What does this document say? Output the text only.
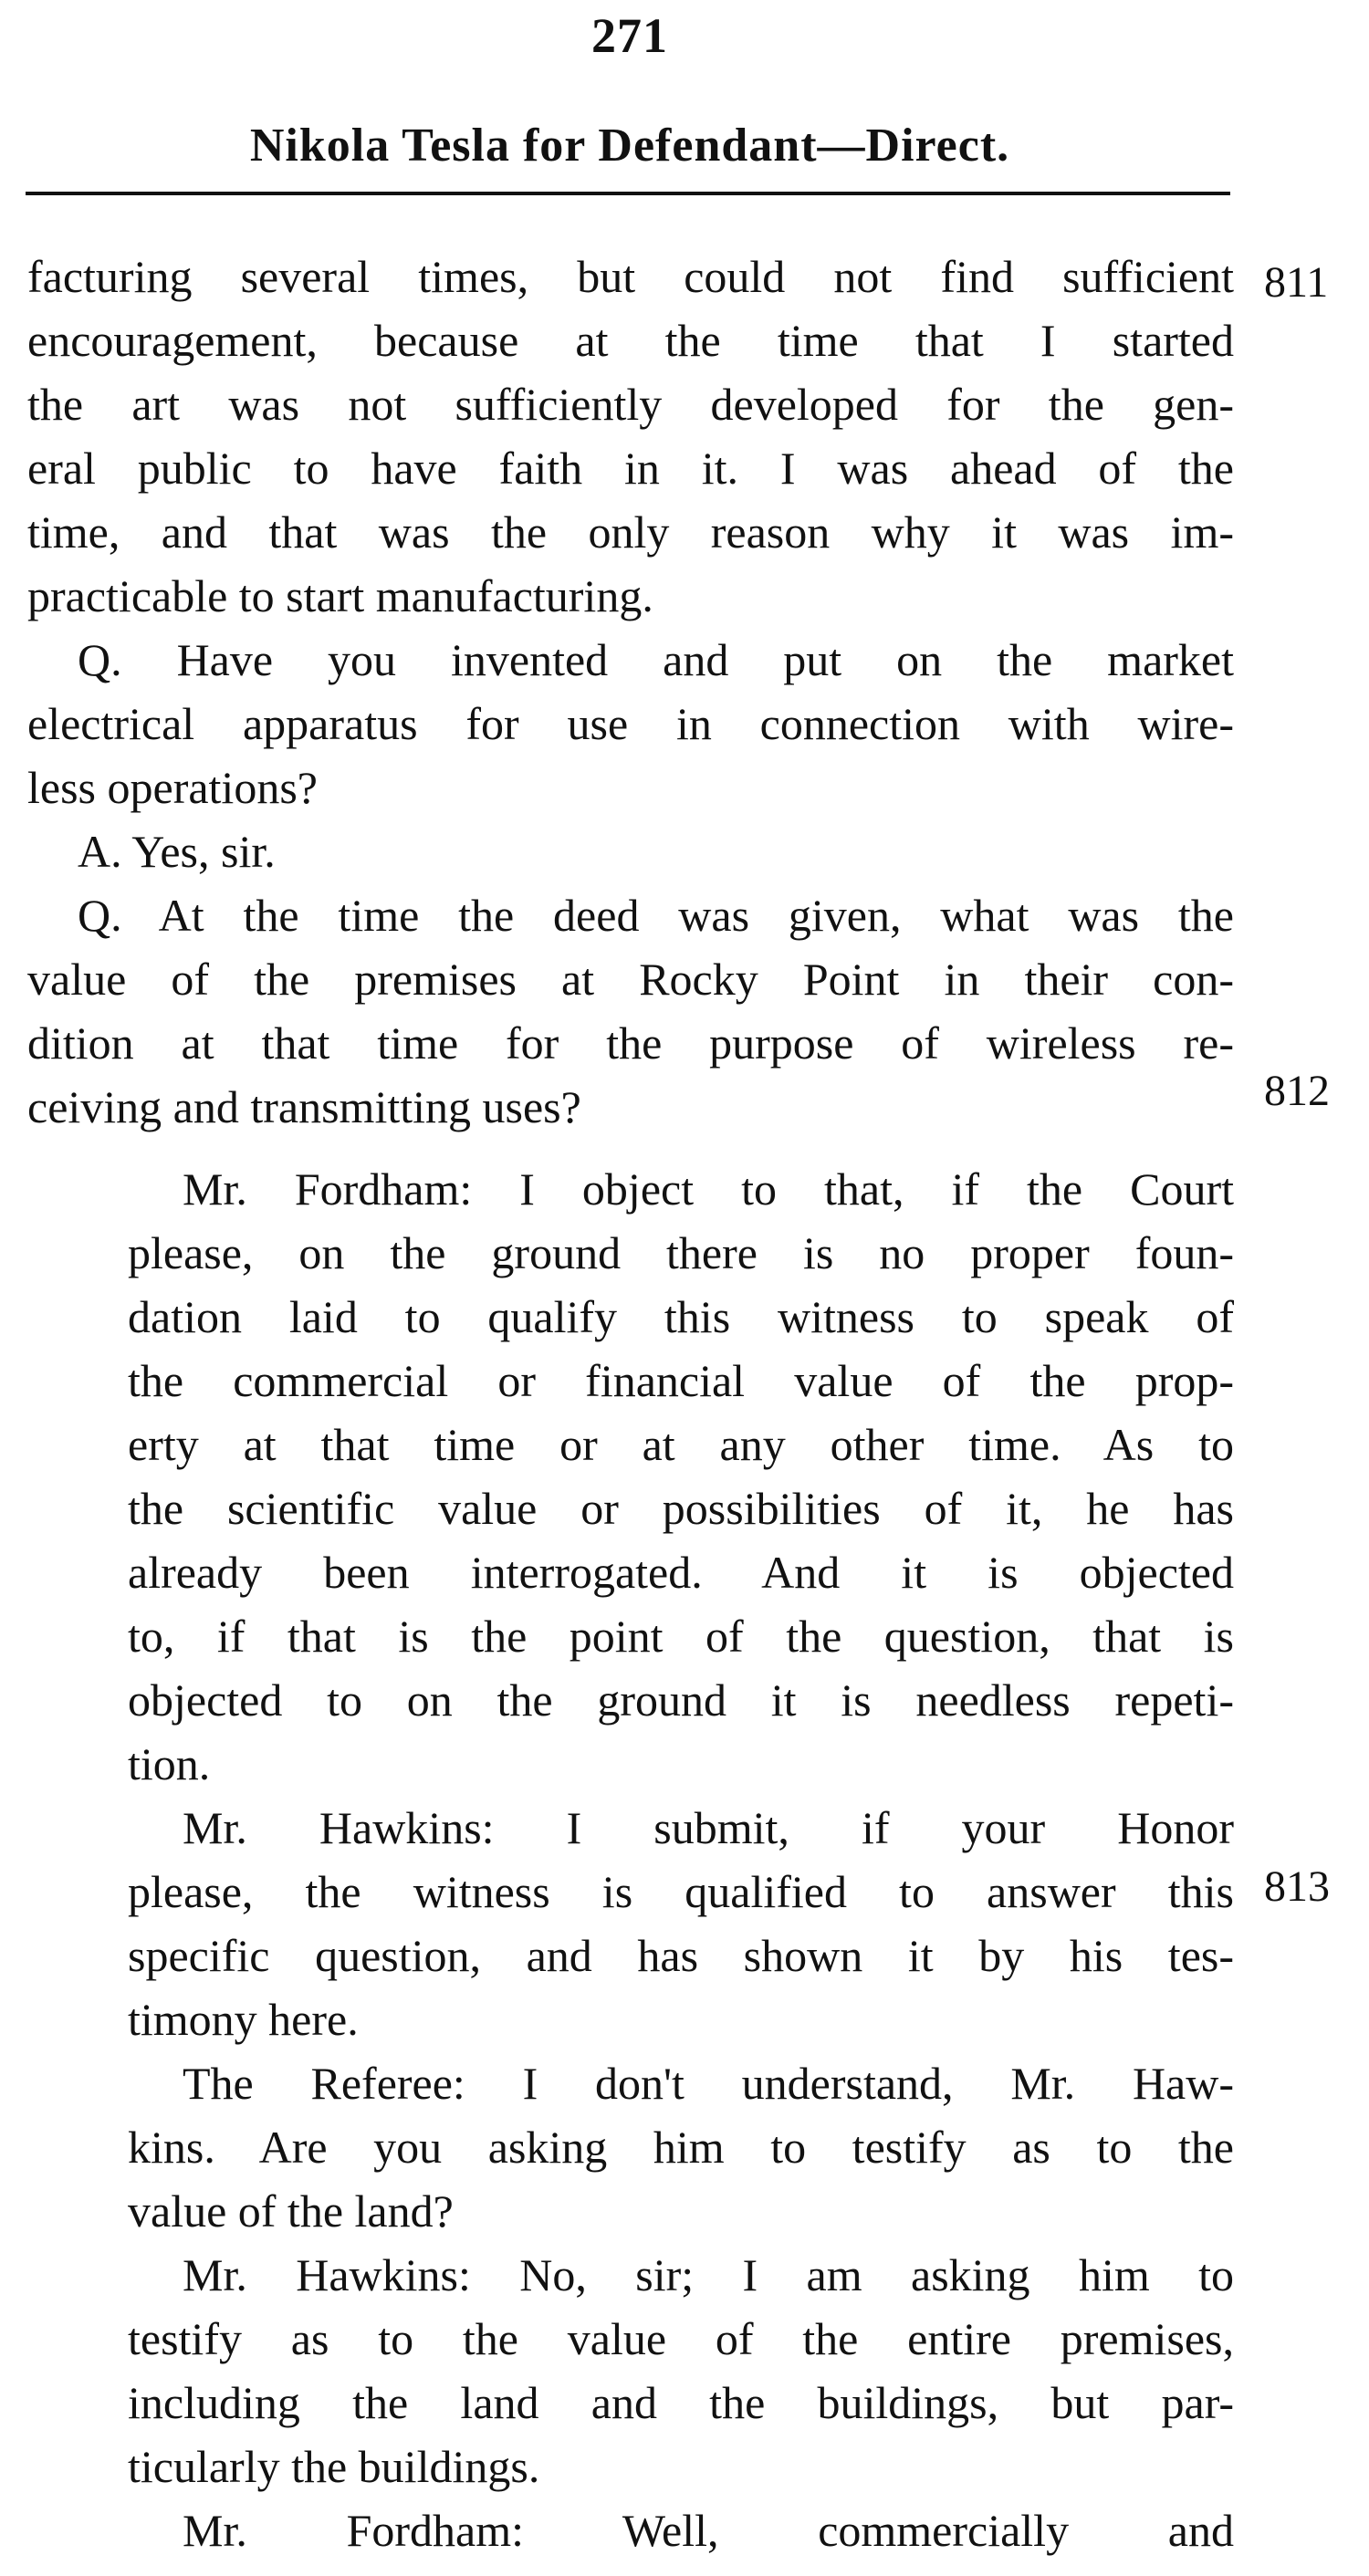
271
Nikola Tesla for Defendant—Direct.
811
812
813
facturing several times, but could not find sufficient
encouragement, because at the time that I started
the art was not sufficiently developed for the gen-
eral public to have faith in it. I was ahead of the
time, and that was the only reason why it was im-
practicable to start manufacturing.
Q. Have you invented and put on the market
electrical apparatus for use in connection with wire-
less operations?
A. Yes, sir.
Q. At the time the deed was given, what was the
value of the premises at Rocky Point in their con-
dition at that time for the purpose of wireless re-
ceiving and transmitting uses?
Mr. Fordham: I object to that, if the Court
please, on the ground there is no proper foun-
dation laid to qualify this witness to speak of
the commercial or financial value of the prop-
erty at that time or at any other time. As to
the scientific value or possibilities of it, he has
already been interrogated. And it is objected
to, if that is the point of the question, that is
objected to on the ground it is needless repeti-
tion.
Mr. Hawkins: I submit, if your Honor
please, the witness is qualified to answer this
specific question, and has shown it by his tes-
timony here.
The Referee: I don't understand, Mr. Haw-
kins. Are you asking him to testify as to the
value of the land?
Mr. Hawkins: No, sir; I am asking him to
testify as to the value of the entire premises,
including the land and the buildings, but par-
ticularly the buildings.
Mr. Fordham: Well, commercially and
